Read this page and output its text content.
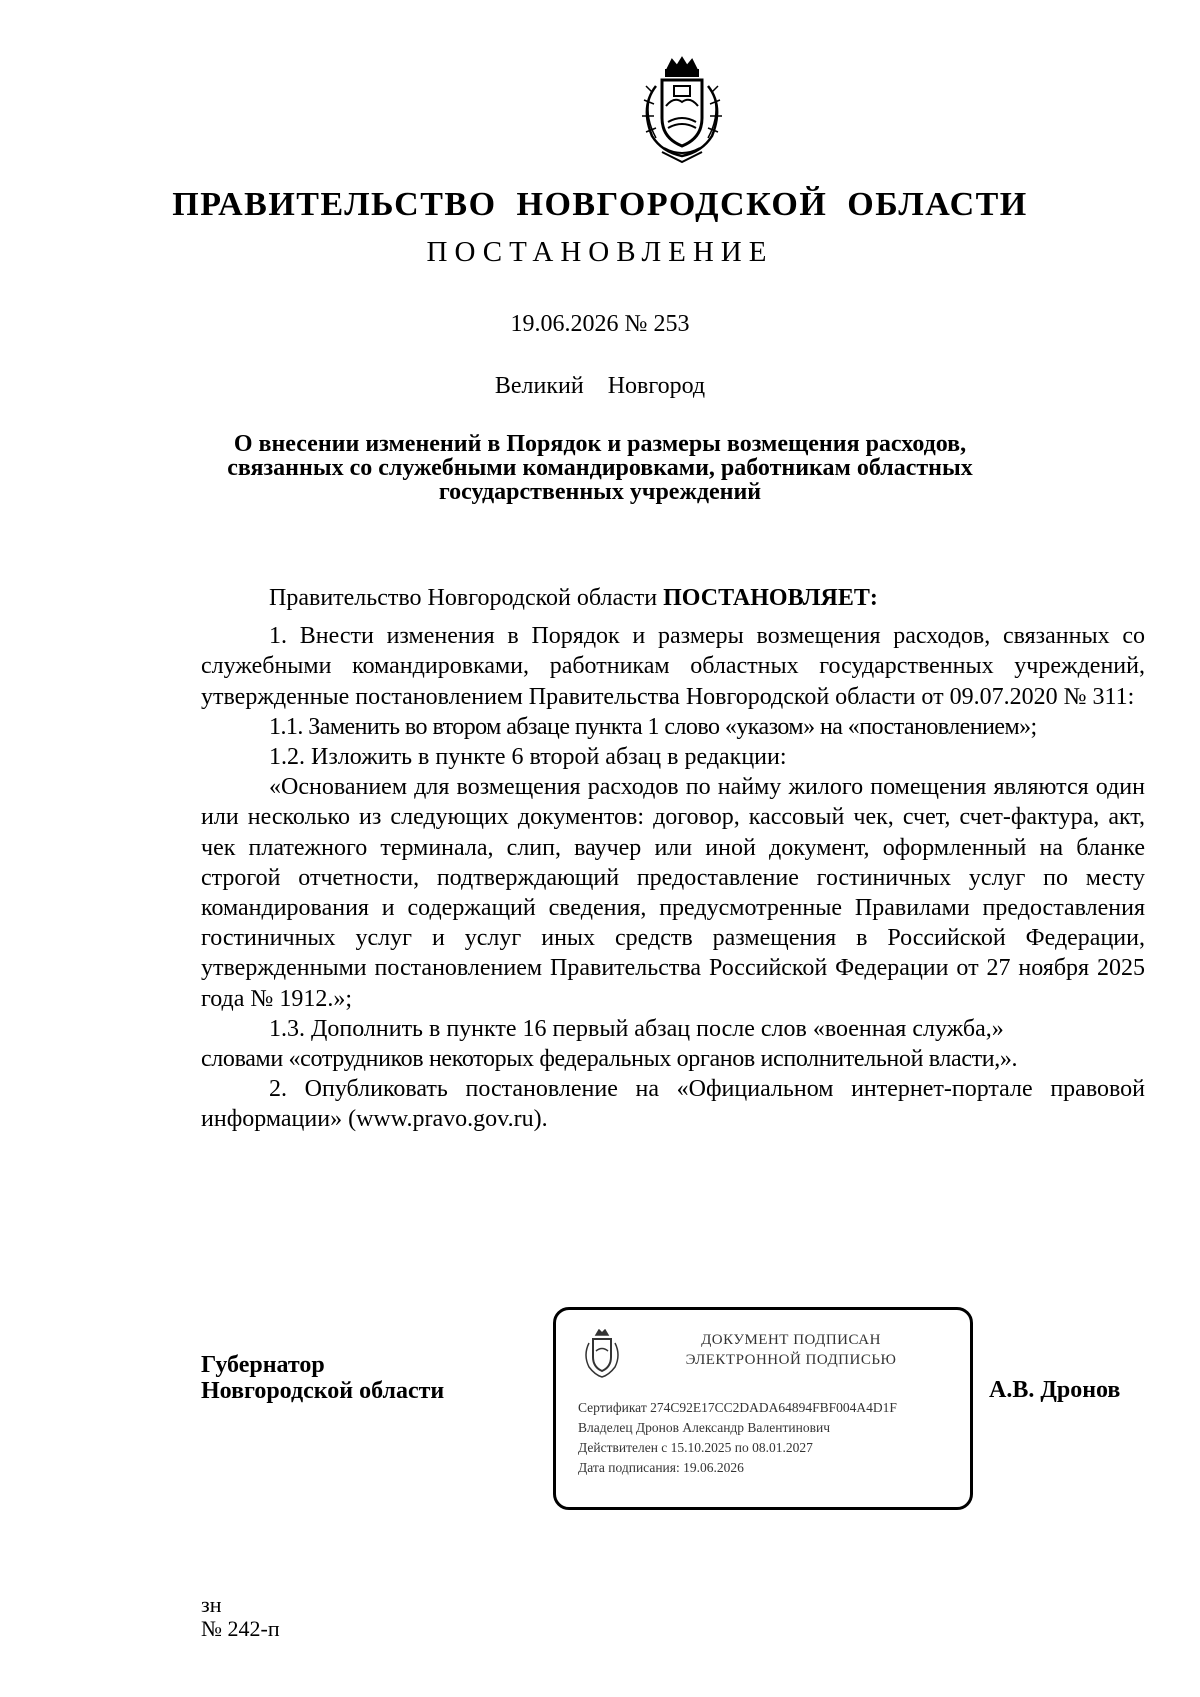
ПРАВИТЕЛЬСТВО  НОВГОРОДСКОЙ  ОБЛАСТИ
ПОСТАНОВЛЕНИЕ
19.06.2026 № 253
Великий  Новгород
О внесении изменений в Порядок и размеры возмещения расходов,
связанных со служебными командировками, работникам областных
государственных учреждений

Правительство Новгородской области ПОСТАНОВЛЯЕТ:

1. Внести изменения в Порядок и размеры возмещения расходов, связанных со служебными командировками, работникам областных государственных учреждений, утвержденные постановлением Правительства Новгородской области от 09.07.2020 № 311:

1.1. Заменить во втором абзаце пункта 1 слово «указом» на «постановлением»;

1.2. Изложить в пункте 6 второй абзац в редакции:

«Основанием для возмещения расходов по найму жилого помещения являются один или несколько из следующих документов: договор, кассовый чек, счет, счет-фактура, акт, чек платежного терминала, слип, ваучер или иной документ, оформленный на бланке строгой отчетности, подтверждающий предоставление гостиничных услуг по месту командирования и содержащий сведения, предусмотренные Правилами предоставления гостиничных услуг и услуг иных средств размещения в Российской Федерации, утвержденными постановлением Правительства Российской Федерации от 27 ноября 2025 года № 1912.»;

1.3. Дополнить в пункте 16 первый абзац после слов «военная служба,»

словами «сотрудников некоторых федеральных органов исполнительной власти,».

2. Опубликовать постановление на «Официальном интернет-портале правовой информации» (www.pravo.gov.ru).

Губернатор
Новгородской области
ДОКУМЕНТ ПОДПИСАН
ЭЛЕКТРОННОЙ ПОДПИСЬЮ
Сертификат 274C92E17CC2DADA64894FBF004A4D1F
Владелец Дронов Александр Валентинович
Действителен с 15.10.2025 по 08.01.2027
Дата подписания: 19.06.2026
А.В. Дронов
зн
№ 242-п
